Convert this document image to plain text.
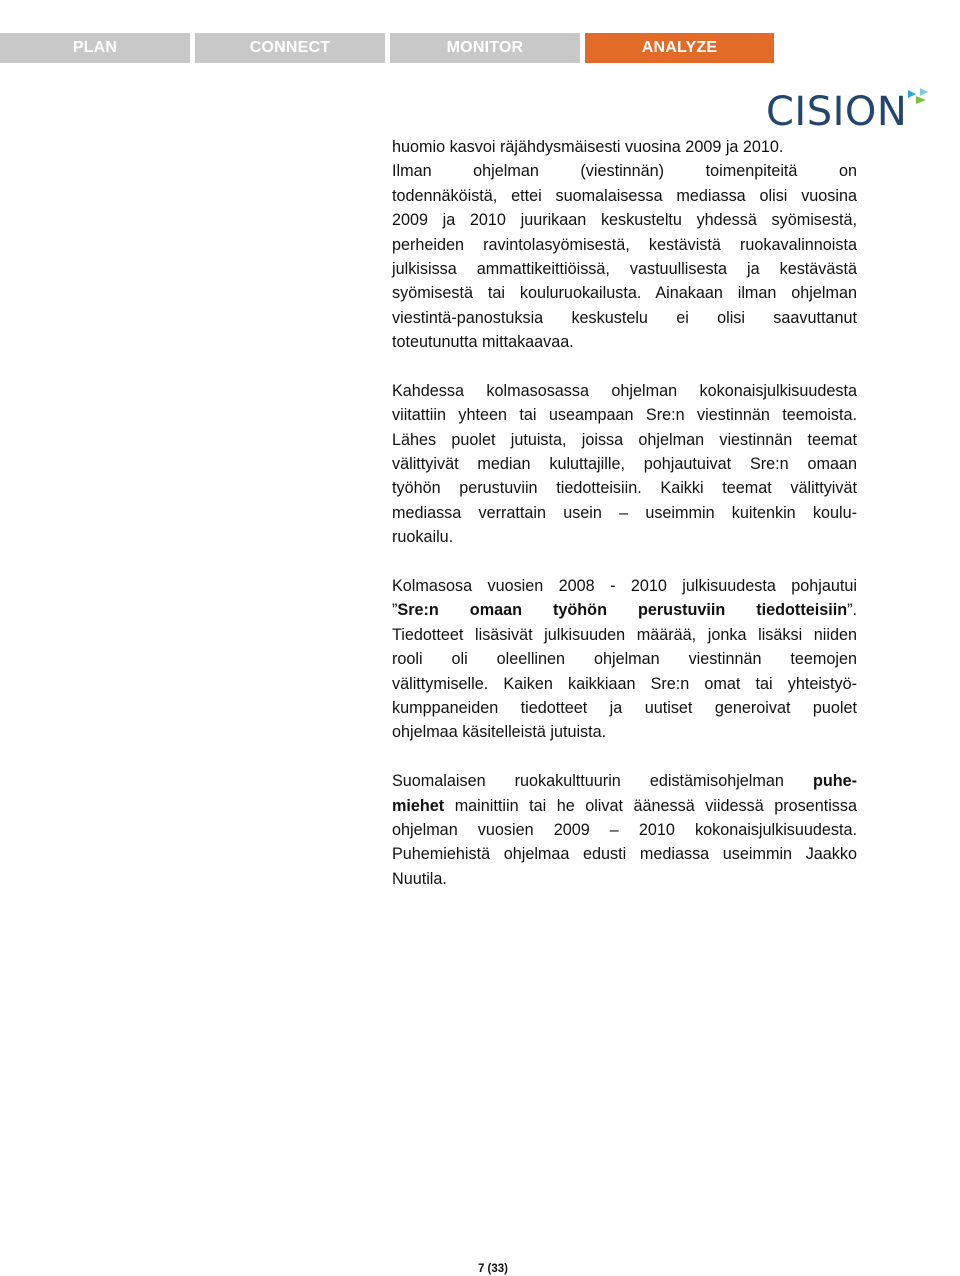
PLAN	CONNECT	MONITOR	ANALYZE
CISION
huomio kasvoi räjähdysmäisesti vuosina 2009 ja 2010.
Ilman ohjelman (viestinnän) toimenpiteitä on
todennäköistä, ettei suomalaisessa mediassa olisi vuosina
2009 ja 2010 juurikaan keskusteltu yhdessä syömisestä,
perheiden ravintolasyömisestä, kestävistä ruokavalinnoista
julkisissa ammattikeittiöissä, vastuullisesta ja kestävästä
syömisestä tai kouluruokailusta. Ainakaan ilman ohjelman
viestintä-panostuksia keskustelu ei olisi saavuttanut
toteutunutta mittakaavaa.
Kahdessa kolmasosassa ohjelman kokonaisjulkisuudesta
viitattiin yhteen tai useampaan Sre:n viestinnän teemoista.
Lähes puolet jutuista, joissa ohjelman viestinnän teemat
välittyivät median kuluttajille, pohjautuivat Sre:n omaan
työhön perustuviin tiedotteisiin. Kaikki teemat välittyivät
mediassa verrattain usein – useimmin kuitenkin koulu-
ruokailu.
Kolmasosa vuosien 2008 - 2010 julkisuudesta pohjautui
”Sre:n omaan työhön perustuviin tiedotteisiin”.
Tiedotteet lisäsivät julkisuuden määrää, jonka lisäksi niiden
rooli oli oleellinen ohjelman viestinnän teemojen
välittymiselle. Kaiken kaikkiaan Sre:n omat tai yhteistyö-
kumppaneiden tiedotteet ja uutiset generoivat puolet
ohjelmaa käsitelleistä jutuista.
Suomalaisen ruokakulttuurin edistämisohjelman puhe-
miehet mainittiin tai he olivat äänessä viidessä prosentissa
ohjelman vuosien 2009 – 2010 kokonaisjulkisuudesta.
Puhemiehistä ohjelmaa edusti mediassa useimmin Jaakko
Nuutila.
7 (33)
